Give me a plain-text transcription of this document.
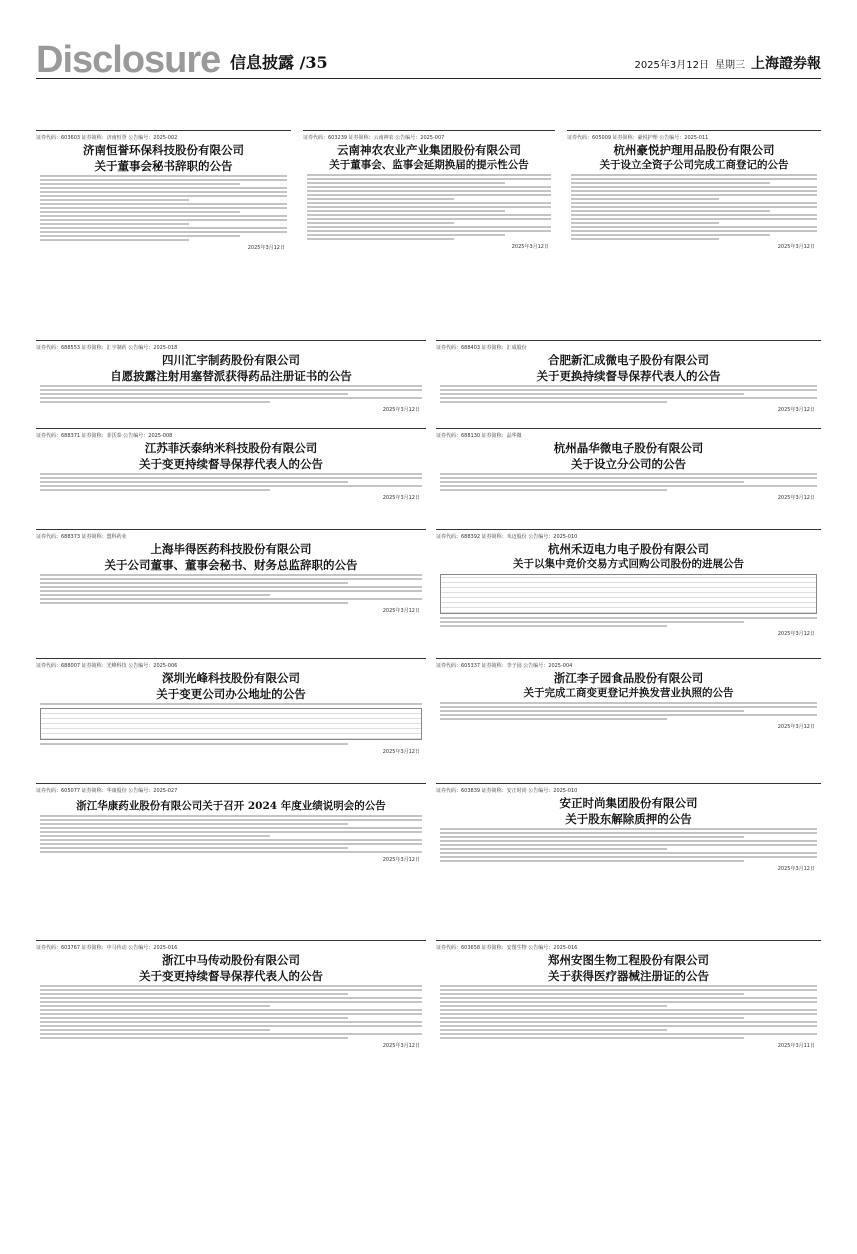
Disclosure 信息披露 /35	2025年3月12日 星期三 上海證券報
证券代码：603603 证券简称：济南恒誉 公告编号：2025-002
济南恒誉环保科技股份有限公司
关于董事会秘书辞职的公告
2025年3月12日
证券代码：603239 证券简称：云南神农 公告编号：2025-007
云南神农农业产业集团股份有限公司
关于董事会、监事会延期换届的提示性公告
2025年3月12日
证券代码：605009 证券简称：豪悦护理 公告编号：2025-011
杭州豪悦护理用品股份有限公司
关于设立全资子公司完成工商登记的公告
2025年3月12日
证券代码：688553 证券简称：汇宇制药 公告编号：2025-018
四川汇宇制药股份有限公司
自愿披露注射用塞替派获得药品注册证书的公告
2025年3月12日
证券代码：688403 证券简称：汇成股份
合肥新汇成微电子股份有限公司
关于更换持续督导保荐代表人的公告
2025年3月12日
证券代码：688371 证券简称：菲沃泰 公告编号：2025-008
江苏菲沃泰纳米科技股份有限公司
关于变更持续督导保荐代表人的公告
2025年3月12日
证券代码：688130 证券简称：晶华微
杭州晶华微电子股份有限公司
关于设立分公司的公告
2025年3月12日
证券代码：688373 证券简称：盟科药业
上海毕得医药科技股份有限公司
关于公司董事、董事会秘书、财务总监辞职的公告
2025年3月12日
证券代码：688392 证券简称：禾迈股份 公告编号：2025-010
杭州禾迈电力电子股份有限公司
关于以集中竞价交易方式回购公司股份的进展公告
2025年3月12日
证券代码：688007 证券简称：光峰科技 公告编号：2025-006
深圳光峰科技股份有限公司
关于变更公司办公地址的公告
2025年3月12日
证券代码：605337 证券简称：李子园 公告编号：2025-004
浙江李子园食品股份有限公司
关于完成工商变更登记并换发营业执照的公告
2025年3月12日
证券代码：605077 证券简称：华康股份 公告编号：2025-027
浙江华康药业股份有限公司关于召开 2024 年度业绩说明会的公告
2025年3月12日
证券代码：603839 证券简称：安正时尚 公告编号：2025-010
安正时尚集团股份有限公司
关于股东解除质押的公告
2025年3月12日
证券代码：603767 证券简称：中马传动 公告编号：2025-016
浙江中马传动股份有限公司
关于变更持续督导保荐代表人的公告
2025年3月12日
证券代码：603658 证券简称：安图生物 公告编号：2025-016
郑州安图生物工程股份有限公司
关于获得医疗器械注册证的公告
2025年3月11日
